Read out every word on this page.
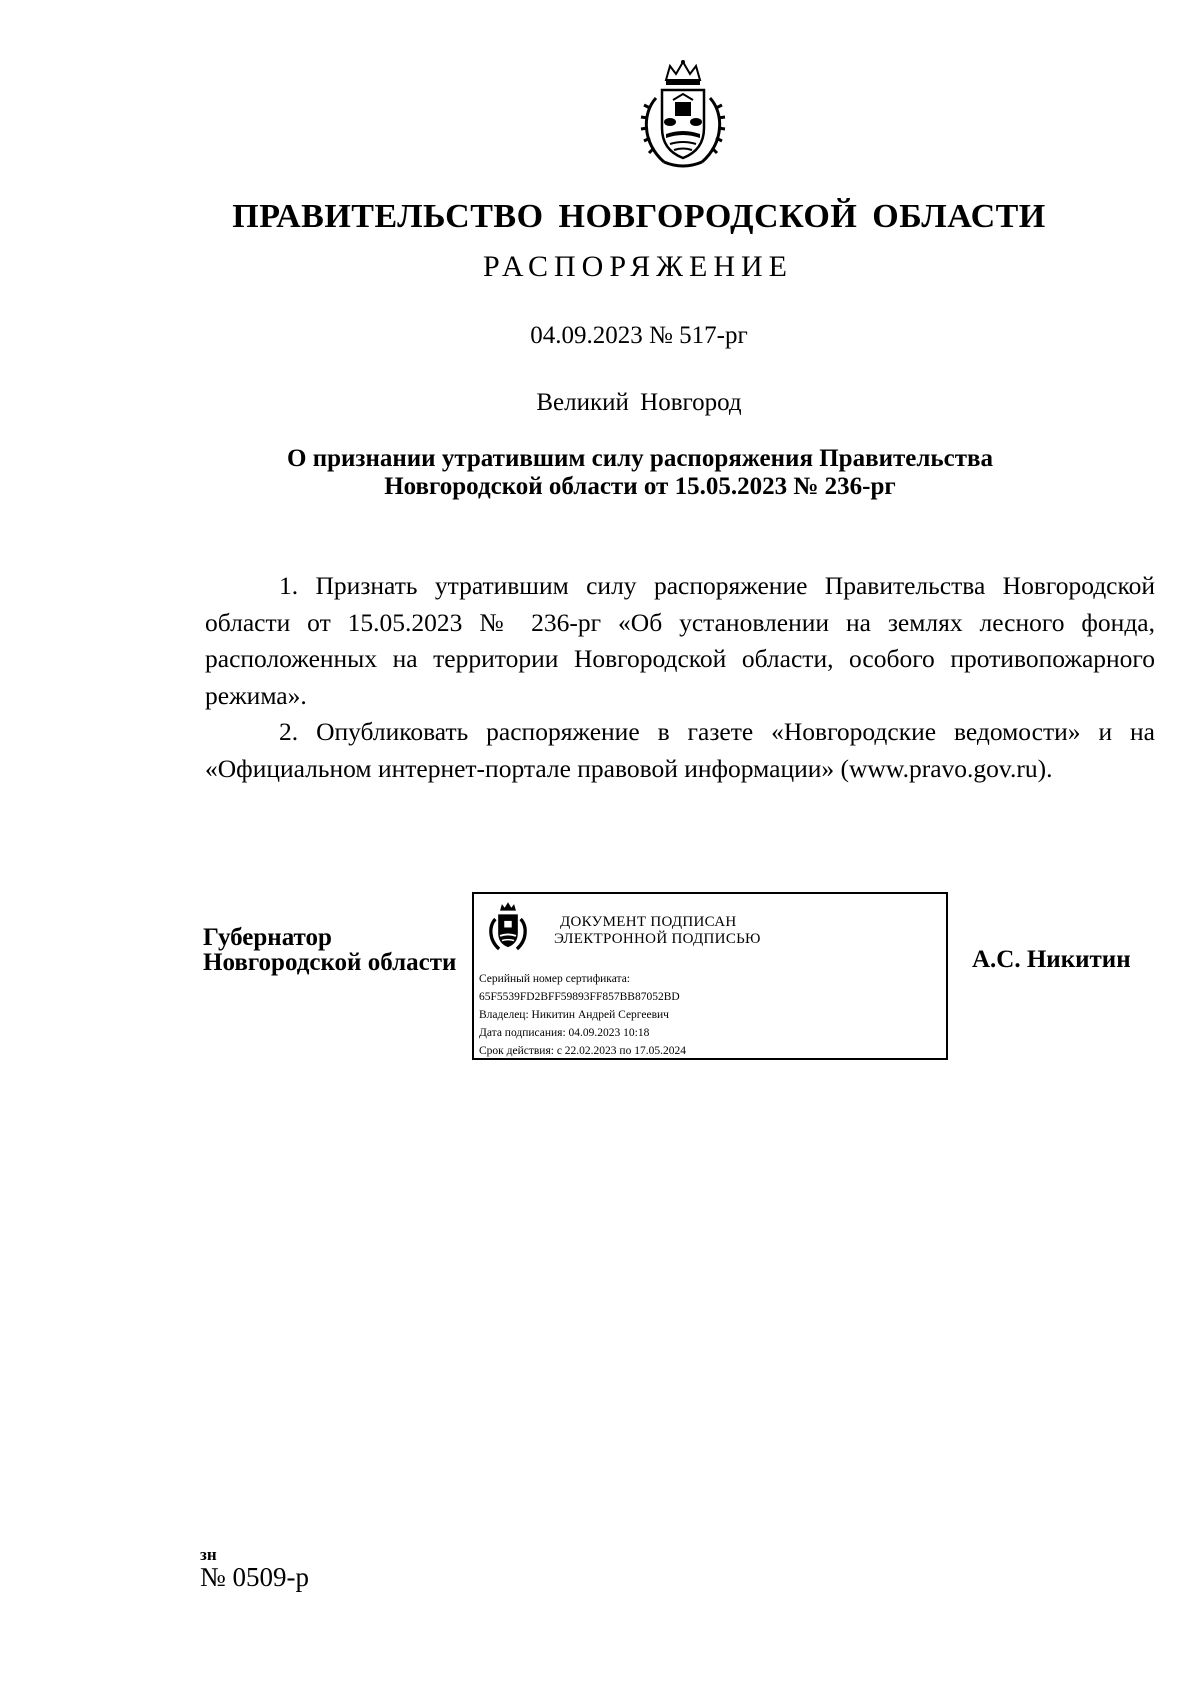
ПРАВИТЕЛЬСТВО НОВГОРОДСКОЙ ОБЛАСТИ
РАСПОРЯЖЕНИЕ
04.09.2023 № 517-рг
Великий Новгород
О признании утратившим силу распоряжения Правительства
Новгородской области от 15.05.2023 № 236-рг

1. Признать утратившим силу распоряжение Правительства Новгородской области от 15.05.2023 № 236-рг «Об установлении на землях лесного фонда, расположенных на территории Новгородской области, особого противопожарного режима».

2. Опубликовать распоряжение в газете «Новгородские ведомости» и на «Официальном интернет-портале правовой информации» (www.pravo.gov.ru).

Губернатор
Новгородской области
ДОКУМЕНТ ПОДПИСАН
ЭЛЕКТРОННОЙ ПОДПИСЬЮ
Серийный номер сертификата:
65F5539FD2BFF59893FF857BB87052BD
Владелец: Никитин Андрей Сергеевич
Дата подписания: 04.09.2023 10:18
Срок действия: с 22.02.2023 по 17.05.2024
А.С. Никитин
зн
№ 0509-р
